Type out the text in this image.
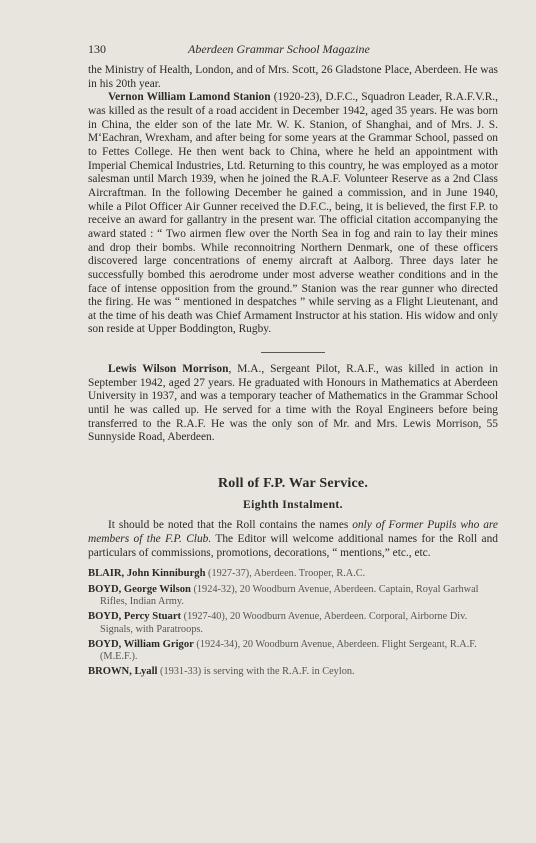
130	Aberdeen Grammar School Magazine

the Ministry of Health, London, and of Mrs. Scott, 26 Gladstone Place, Aberdeen. He was in his 20th year.

Vernon William Lamond Stanion (1920-23), D.F.C., Squadron Leader, R.A.F.V.R., was killed as the result of a road accident in December 1942, aged 35 years. He was born in China, the elder son of the late Mr. W. K. Stanion, of Shanghai, and of Mrs. J. S. M‘Eachran, Wrexham, and after being for some years at the Grammar School, passed on to Fettes College. He then went back to China, where he held an appointment with Imperial Chemical Industries, Ltd. Returning to this country, he was employed as a motor salesman until March 1939, when he joined the R.A.F. Volunteer Reserve as a 2nd Class Aircraftman. In the following December he gained a commission, and in June 1940, while a Pilot Officer Air Gunner received the D.F.C., being, it is believed, the first F.P. to receive an award for gallantry in the present war. The official citation accompanying the award stated : “ Two airmen flew over the North Sea in fog and rain to lay their mines and drop their bombs. While reconnoitring Northern Denmark, one of these officers discovered large concentrations of enemy aircraft at Aalborg. Three days later he successfully bombed this aerodrome under most adverse weather conditions and in the face of intense opposition from the ground.” Stanion was the rear gunner who directed the firing. He was “ mentioned in despatches ” while serving as a Flight Lieutenant, and at the time of his death was Chief Armament Instructor at his station. His widow and only son reside at Upper Boddington, Rugby.

Lewis Wilson Morrison, M.A., Sergeant Pilot, R.A.F., was killed in action in September 1942, aged 27 years. He graduated with Honours in Mathematics at Aberdeen University in 1937, and was a temporary teacher of Mathematics in the Grammar School until he was called up. He served for a time with the Royal Engineers before being transferred to the R.A.F. He was the only son of Mr. and Mrs. Lewis Morrison, 55 Sunnyside Road, Aberdeen.

Roll of F.P. War Service.
Eighth Instalment.

It should be noted that the Roll contains the names only of Former Pupils who are members of the F.P. Club. The Editor will welcome additional names for the Roll and particulars of commissions, promotions, decorations, “ mentions,” etc., etc.

BLAIR, John Kinniburgh (1927-37), Aberdeen. Trooper, R.A.C.

BOYD, George Wilson (1924-32), 20 Woodburn Avenue, Aberdeen. Captain, Royal Garhwal Rifles, Indian Army.

BOYD, Percy Stuart (1927-40), 20 Woodburn Avenue, Aberdeen. Corporal, Airborne Div. Signals, with Paratroops.

BOYD, William Grigor (1924-34), 20 Woodburn Avenue, Aberdeen. Flight Sergeant, R.A.F. (M.E.F.).

BROWN, Lyall (1931-33) is serving with the R.A.F. in Ceylon.
